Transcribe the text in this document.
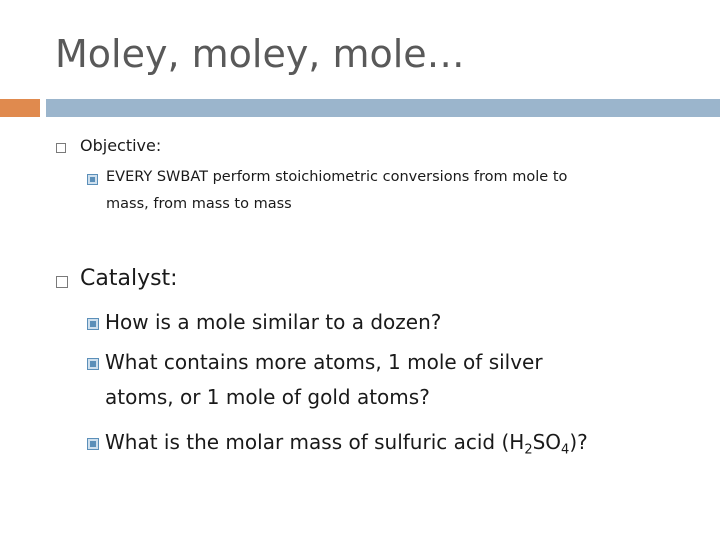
Moley, moley, mole…
Objective:
EVERY SWBAT perform stoichiometric conversions from mole to
mass, from mass to mass
Catalyst:
How is a mole similar to a dozen?
What contains more atoms, 1 mole of silver
atoms, or 1 mole of gold atoms?
What is the molar mass of sulfuric acid $(H_2SO_4)$?
